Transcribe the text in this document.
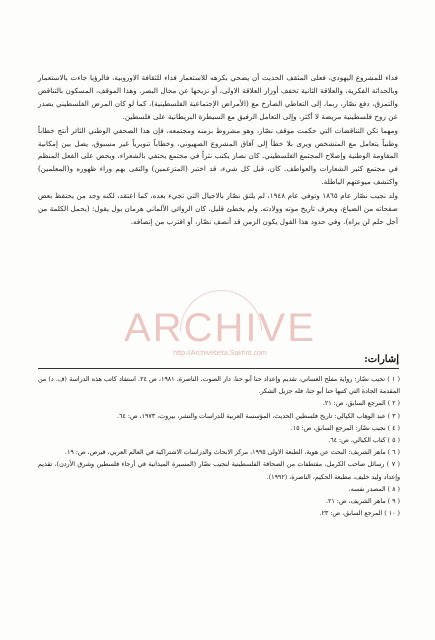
فداء للمشروع اليهودي، فعلى المثقف الحديث أن يضحي بكرهه للاستعمار فداء للثقافة الاوروبية، فالرؤيا جاءت بالاستعمار وبالحداثة الفكرية، والعلاقة الثانية تخفف أوزار العلاقة الاولى، أو تزيحها عن مجال البصر. وهذا الموقف، المسكون بالتناقض والتمزق، دفع نصّار، ربما، إلى التعاطي الصارخ مع (الأمراض الإجتماعية الفلسطينية)، كما لو كان المرض الفلسطيني يصدر عن روح فلسطينية مريضة لا أكثر، وإلى التعامل الرفيق مع السيطرة البريطانية على فلسطين.

ومهما تكن التناقضات التي حكمت موقف نصّار، وهو مشروط بزمنه ومجتمعه، فإن هذا الصحفي الوطني الثائر أنتج خطاباً وطنياً يتعامل مع المتشخص ويرى بلا خطأ إلى آفاق المشروع الصهيوني، وخطاباً تنويرياً غير مسبوق، يصل بين إمكانية المقاومة الوطنية وإصلاح المجتمع الفلسطيني. كان نصار يكتب نثراً في مجتمع يحتفي بالشعراء، ويحض على الفعل المنظم في مجتمع كثير الشعارات والعواطف. كان، قبل كل شيء، قد اختبر (المتزعمين) والتقى بهم وراء ظهوره و(المعلمين) واكتشف ميوعتهم الباطلة.

ولد نجيب نصّار عام ١٨٦٥ وتوفي عام ١٩٤٨، لم يلتق نصّار بالاجيال التي تجيء بعده، كما اعتقد، لكنه وجد من يحتفظ بعض صفحاته من الضياع، ويعرف تاريخ موته وولادته. ولم يخطئ قليل، كان الروائي الألماني هرمان بول يقول: (يحمل الكلمة من أجل حلم لن يراه). وفي حدود هذا القول يكون الزمن قد أنصف نصّار، أو اقترب من إنصافه.

ARCHIVE
http://Archivebeta.Sakhrit.com
إشارات:

( ١ ) نجيب نصّار: رواية مفلح الغساني، تقديم وإعداد حنا أبو حنا، دار الصوت، الناصرة، ١٩٨١، ص ٢٤. استفاد كاتب هذه الدراسة (ف. د) من المقدمة الجادة التي كتبها حنا أبو حنا، فله جزيل الشكر.

( ٢ ) المرجع السابق، ص: ٢١.

( ٣ ) عبد الوهاب الكيالي: تاريخ فلسطين الحديث، المؤسسة العربية للدراسات والنشر، بيروت، ١٩٧٣، ص: ٦٤.

( ٤ ) نجيب نصّار: المرجع السابق، ص: ١٥.

( ٥ ) كتاب الكيالي، ص: ٦٤.

( ٦ ) ماهر الشريف: البحث عن هوية، الطبعة الاولى ١٩٩٥، مركز الابحاث والدراسات الاشتراكية في العالم العربي، قبرص، ص: ١٩.

( ٧ ) رسائل صاحب الكرمل، مقتطفات من الصحافة الفلسطينية لنجيب نصّار (المسيرة الميدانية في أرجاء فلسطين وشرق الأردن)، تقديم وإعداد وليد خليف، مطبعة الحكيم، الناصرة، (١٩٩٢).

( ٨ ) المصدر نفسه.

( ٩ ) ماهر الشريف، ص: ٢١.

( ١٠ ) المرجع السابق، ص: ٢٣.
